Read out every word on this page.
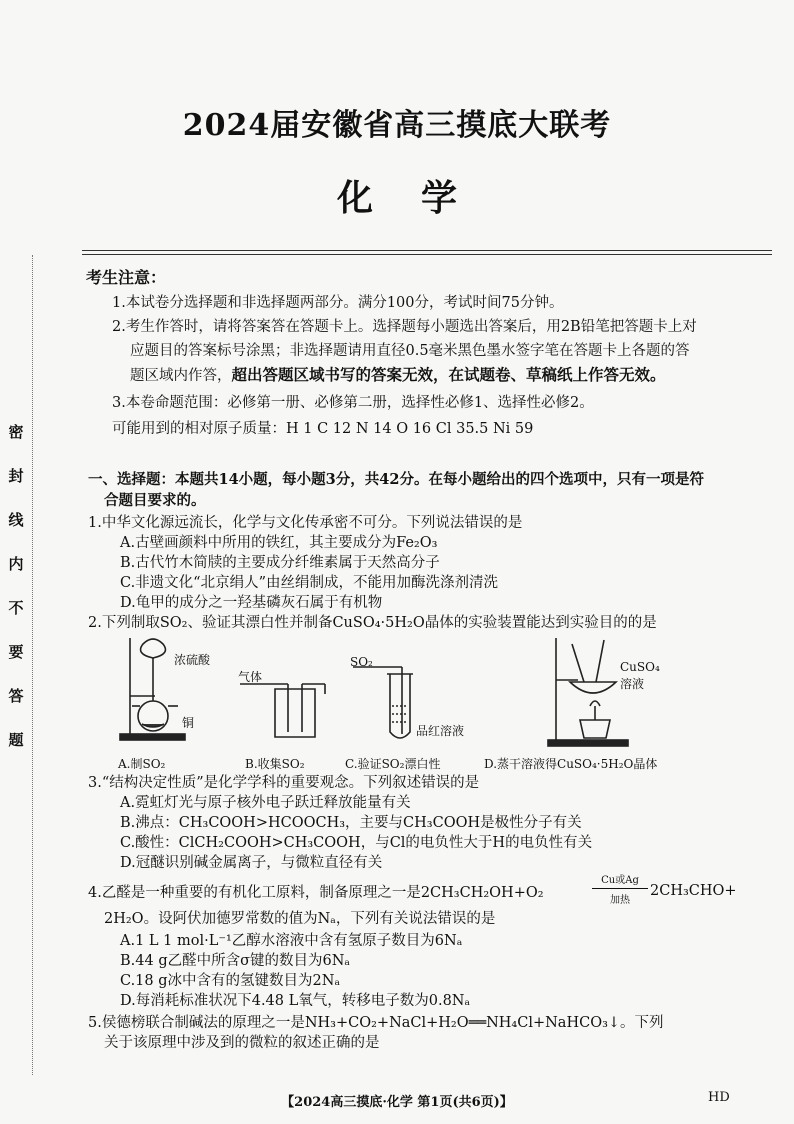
2024届安徽省高三摸底大联考
化学
密
封
线
内
不
要
答
题
考生注意：
1.本试卷分选择题和非选择题两部分。满分100分，考试时间75分钟。
2.考生作答时，请将答案答在答题卡上。选择题每小题选出答案后，用2B铅笔把答题卡上对
应题目的答案标号涂黑；非选择题请用直径0.5毫米黑色墨水签字笔在答题卡上各题的答
题区域内作答，超出答题区域书写的答案无效，在试题卷、草稿纸上作答无效。
3.本卷命题范围：必修第一册、必修第二册，选择性必修1、选择性必修2。
可能用到的相对原子质量：H 1 C 12 N 14 O 16 Cl 35.5 Ni 59
一、选择题：本题共14小题，每小题3分，共42分。在每小题给出的四个选项中，只有一项是符
合题目要求的。
1.中华文化源远流长，化学与文化传承密不可分。下列说法错误的是
A.古壁画颜料中所用的铁红，其主要成分为Fe₂O₃
B.古代竹木简牍的主要成分纤维素属于天然高分子
C.非遗文化“北京绢人”由丝绢制成，不能用加酶洗涤剂清洗
D.龟甲的成分之一羟基磷灰石属于有机物
2.下列制取SO₂、验证其漂白性并制备CuSO₄·5H₂O晶体的实验装置能达到实验目的的是
浓硫酸
铜
气体
SO₂
品红溶液
CuSO₄
溶液
A.制SO₂	B.收集SO₂	C.验证SO₂漂白性	D.蒸干溶液得CuSO₄·5H₂O晶体
3.“结构决定性质”是化学学科的重要观念。下列叙述错误的是
A.霓虹灯光与原子核外电子跃迁释放能量有关
B.沸点：CH₃COOH>HCOOCH₃，主要与CH₃COOH是极性分子有关
C.酸性：ClCH₂COOH>CH₃COOH，与Cl的电负性大于H的电负性有关
D.冠醚识别碱金属离子，与微粒直径有关
4.乙醛是一种重要的有机化工原料，制备原理之一是2CH₃CH₂OH+O₂
Cu或Ag
加热
2CH₃CHO+
2H₂O。设阿伏加德罗常数的值为Nₐ，下列有关说法错误的是
A.1 L 1 mol·L⁻¹乙醇水溶液中含有氢原子数目为6Nₐ
B.44 g乙醛中所含σ键的数目为6Nₐ
C.18 g冰中含有的氢键数目为2Nₐ
D.每消耗标准状况下4.48 L氧气，转移电子数为0.8Nₐ
5.侯德榜联合制碱法的原理之一是NH₃+CO₂+NaCl+H₂O══NH₄Cl+NaHCO₃↓。下列
关于该原理中涉及到的微粒的叙述正确的是
【2024高三摸底·化学 第1页(共6页)】	HD
